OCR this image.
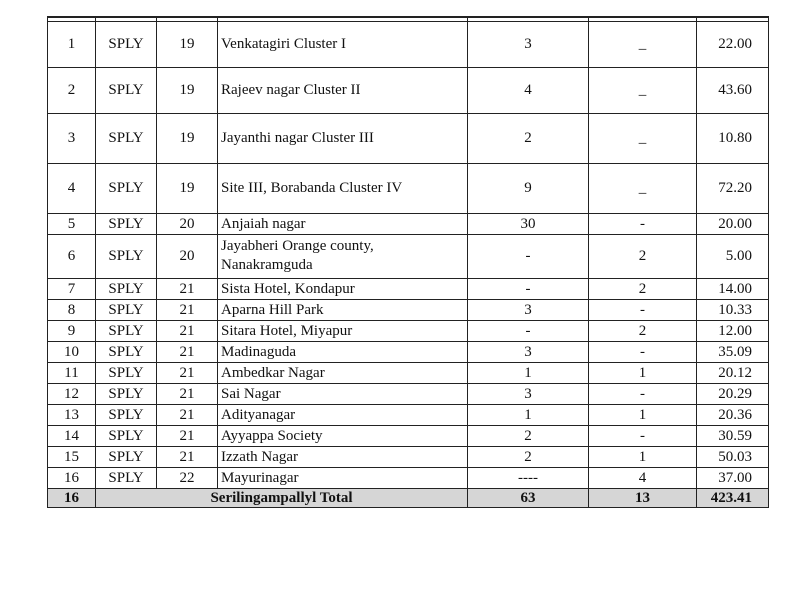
1	SPLY	19	Venkatagiri Cluster I	3	_	22.00
2	SPLY	19	Rajeev nagar Cluster II	4	_	43.60
3	SPLY	19	Jayanthi nagar Cluster III	2	_	10.80
4	SPLY	19	Site III, Borabanda Cluster IV	9	_	72.20
5	SPLY	20	Anjaiah nagar	30	-	20.00
6	SPLY	20	Jayabheri Orange county, Nanakramguda	-	2	5.00
7	SPLY	21	Sista Hotel, Kondapur	-	2	14.00
8	SPLY	21	Aparna Hill Park	3	-	10.33
9	SPLY	21	Sitara Hotel, Miyapur	-	2	12.00
10	SPLY	21	Madinaguda	3	-	35.09
11	SPLY	21	Ambedkar Nagar	1	1	20.12
12	SPLY	21	Sai Nagar	3	-	20.29
13	SPLY	21	Adityanagar	1	1	20.36
14	SPLY	21	Ayyappa Society	2	-	30.59
15	SPLY	21	Izzath Nagar	2	1	50.03
16	SPLY	22	Mayurinagar	----	4	37.00
16	Serilingampallyl Total			63	13	423.41
